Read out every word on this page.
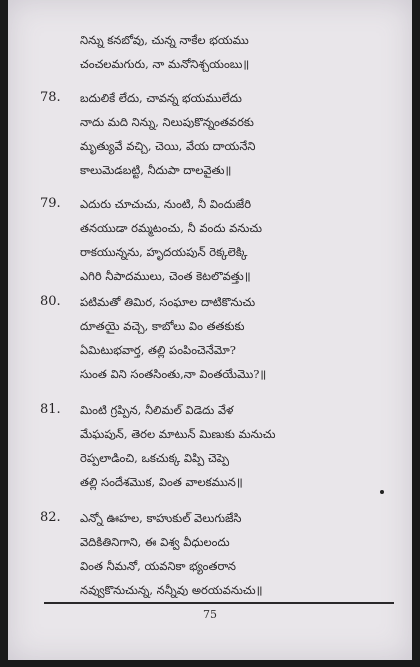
నిన్ను కనబోవు, చున్న నాకేల భయము
చంచలమగురు, నా మనోనిశ్చయంబు॥
78. బదులికే లేదు, చావన్న భయములేదు
నాదు మది నిన్ను, నిలుపుకొన్నంతవరకు
మృత్యువే వచ్చి, చెయి, వేయ దాయనేని
కాలుమెడబట్టి, నీదుపా దాలవైతు॥
79. ఎదురు చూచుచు, నుంటి, నీ విందుజేరి
తనయుడా రమ్మటంచు, నీ వందు వనుచు
రాకయున్నను, హృదయపున్ రెక్కలెక్కి
ఎగిరి నీపాదములు, చెంత కెటలొవత్తు॥
80. పటిమతో తిమిర, సంఘాల దాటికొనుచు
దూతయై వచ్చె, కాబోలు విం తతకుకు
ఏమిటుభవార్త, తల్లి పంపించెనేమో?
సుంత విని సంతసింతు,నా వింతయేమొ?॥
81. మింటి గ్రప్పిన, నీలిమల్ విడెదు వేళ
మేఘపున్, తెరల మాటున్ మిణుకు మనుచు
రెప్పలాడించి, ఒకచుక్క విప్పి చెప్పె
తల్లి సందేశమొక, వింత వాలకమున॥
82. ఎన్నో ఊహల, కాహుకుల్ వెలుగుజేసి
వెదికితినిగాని, ఈ విశ్వ వీధులందు
వింత నీమనో, యవనికా భ్యంతరాన
నవ్వుకొనుచున్న, నన్నీవు అరయవనుచు॥
75
